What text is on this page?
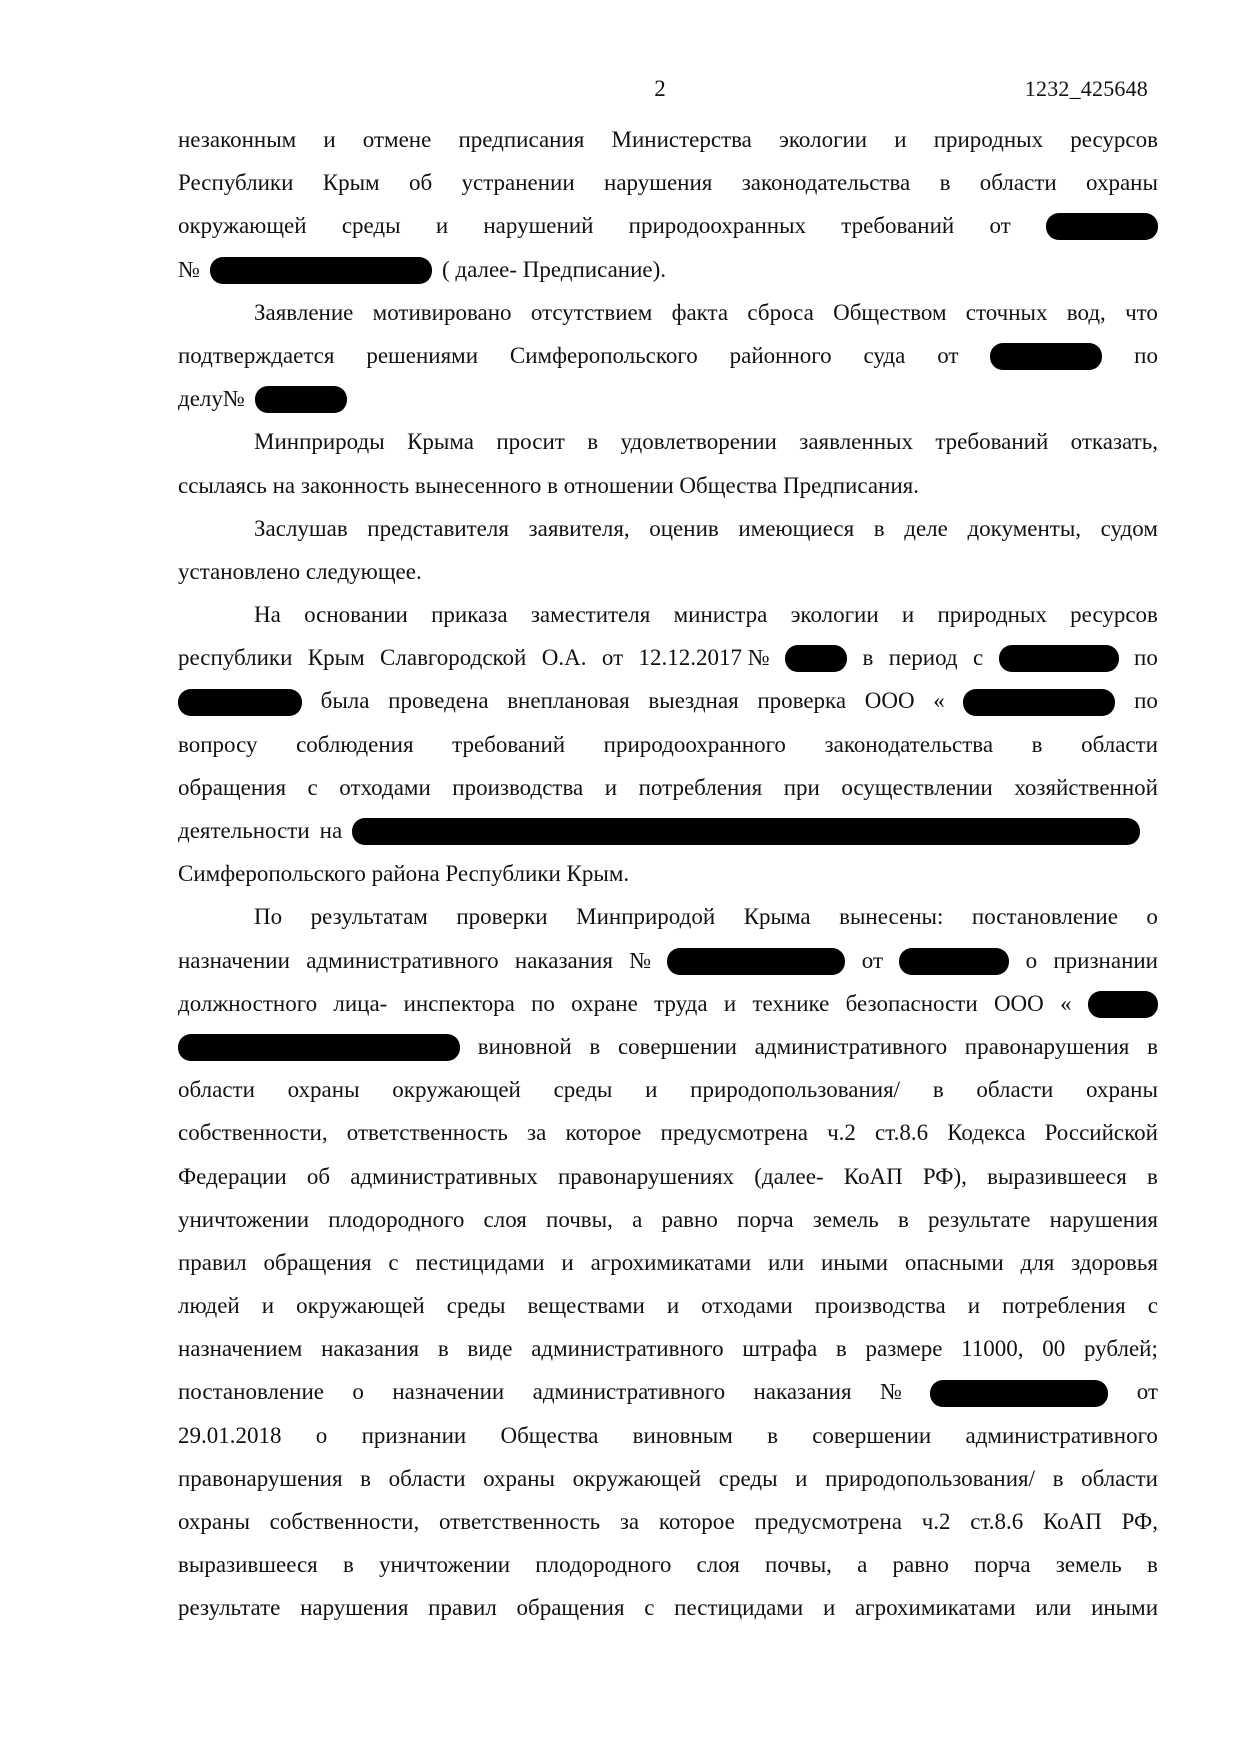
2	1232_425648
незаконным и отмене предписания Министерства экологии и природных ресурсов
Республики Крым об устранении нарушения законодательства в области охраны
окружающей среды и нарушений природоохранных требований от
№	( далее- Предписание).
Заявление мотивировано отсутствием факта сброса Обществом сточных вод, что
подтверждается решениями Симферопольского районного суда от	по
делу№
Минприроды Крыма просит в удовлетворении заявленных требований отказать,
ссылаясь на законность вынесенного в отношении Общества Предписания.
Заслушав представителя заявителя, оценив имеющиеся в деле документы, судом
установлено следующее.
На основании приказа заместителя министра экологии и природных ресурсов
республики Крым Славгородской О.А. от 12.12.2017 №	в период с	по
была проведена внеплановая выездная проверка ООО «	по
вопросу соблюдения требований природоохранного законодательства в области
обращения с отходами производства и потребления при осуществлении хозяйственной
деятельности на
Симферопольского района Республики Крым.
По результатам проверки Минприродой Крыма вынесены: постановление о
назначении административного наказания №	от	о признании
должностного лица- инспектора по охране труда и технике безопасности ООО «
виновной в совершении административного правонарушения в
области охраны окружающей среды и природопользования/ в области охраны
собственности, ответственность за которое предусмотрена ч.2 ст.8.6 Кодекса Российской
Федерации об административных правонарушениях (далее- КоАП РФ), выразившееся в
уничтожении плодородного слоя почвы, а равно порча земель в результате нарушения
правил обращения с пестицидами и агрохимикатами или иными опасными для здоровья
людей и окружающей среды веществами и отходами производства и потребления с
назначением наказания в виде административного штрафа в размере 11000, 00 рублей;
постановление о назначении административного наказания №	от
29.01.2018 о признании Общества виновным в совершении административного
правонарушения в области охраны окружающей среды и природопользования/ в области
охраны собственности, ответственность за которое предусмотрена ч.2 ст.8.6 КоАП РФ,
выразившееся в уничтожении плодородного слоя почвы, а равно порча земель в
результате нарушения правил обращения с пестицидами и агрохимикатами или иными
